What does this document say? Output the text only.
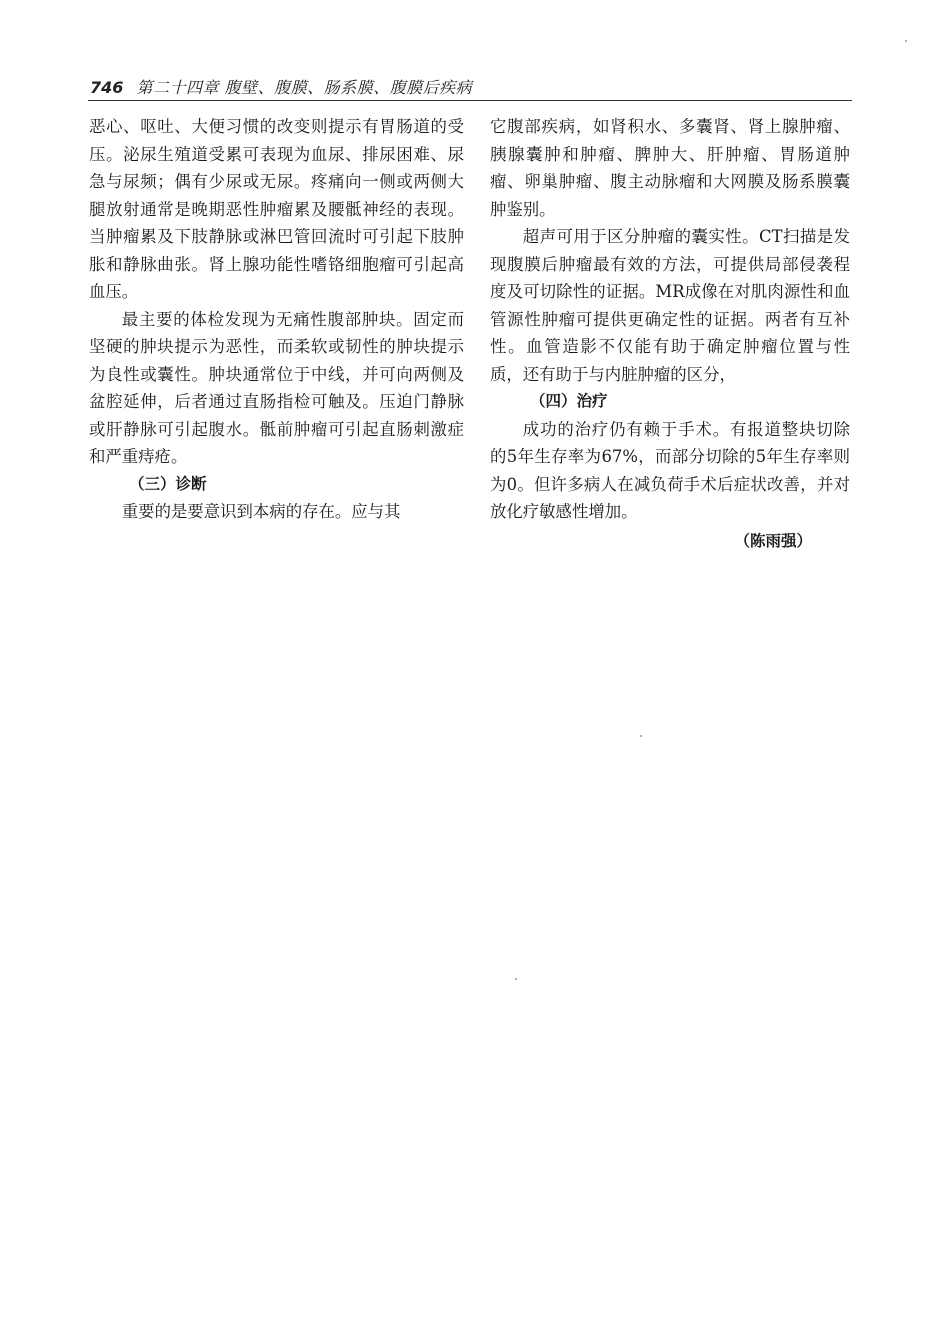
746 第二十四章 腹壁、腹膜、肠系膜、腹膜后疾病

恶心、呕吐、大便习惯的改变则提示有胃肠道的受压。泌尿生殖道受累可表现为血尿、排尿困难、尿急与尿频；偶有少尿或无尿。疼痛向一侧或两侧大腿放射通常是晚期恶性肿瘤累及腰骶神经的表现。当肿瘤累及下肢静脉或淋巴管回流时可引起下肢肿胀和静脉曲张。肾上腺功能性嗜铬细胞瘤可引起高血压。

最主要的体检发现为无痛性腹部肿块。固定而坚硬的肿块提示为恶性，而柔软或韧性的肿块提示为良性或囊性。肿块通常位于中线，并可向两侧及盆腔延伸，后者通过直肠指检可触及。压迫门静脉或肝静脉可引起腹水。骶前肿瘤可引起直肠刺激症和严重痔疮。

（三）诊断

重要的是要意识到本病的存在。应与其

它腹部疾病，如肾积水、多囊肾、肾上腺肿瘤、胰腺囊肿和肿瘤、脾肿大、肝肿瘤、胃肠道肿瘤、卵巢肿瘤、腹主动脉瘤和大网膜及肠系膜囊肿鉴别。

超声可用于区分肿瘤的囊实性。CT扫描是发现腹膜后肿瘤最有效的方法，可提供局部侵袭程度及可切除性的证据。MR成像在对肌肉源性和血管源性肿瘤可提供更确定性的证据。两者有互补性。血管造影不仅能有助于确定肿瘤位置与性质，还有助于与内脏肿瘤的区分，

（四）治疗

成功的治疗仍有赖于手术。有报道整块切除的5年生存率为67%，而部分切除的5年生存率则为0。但许多病人在减负荷手术后症状改善，并对放化疗敏感性增加。

（陈雨强）
